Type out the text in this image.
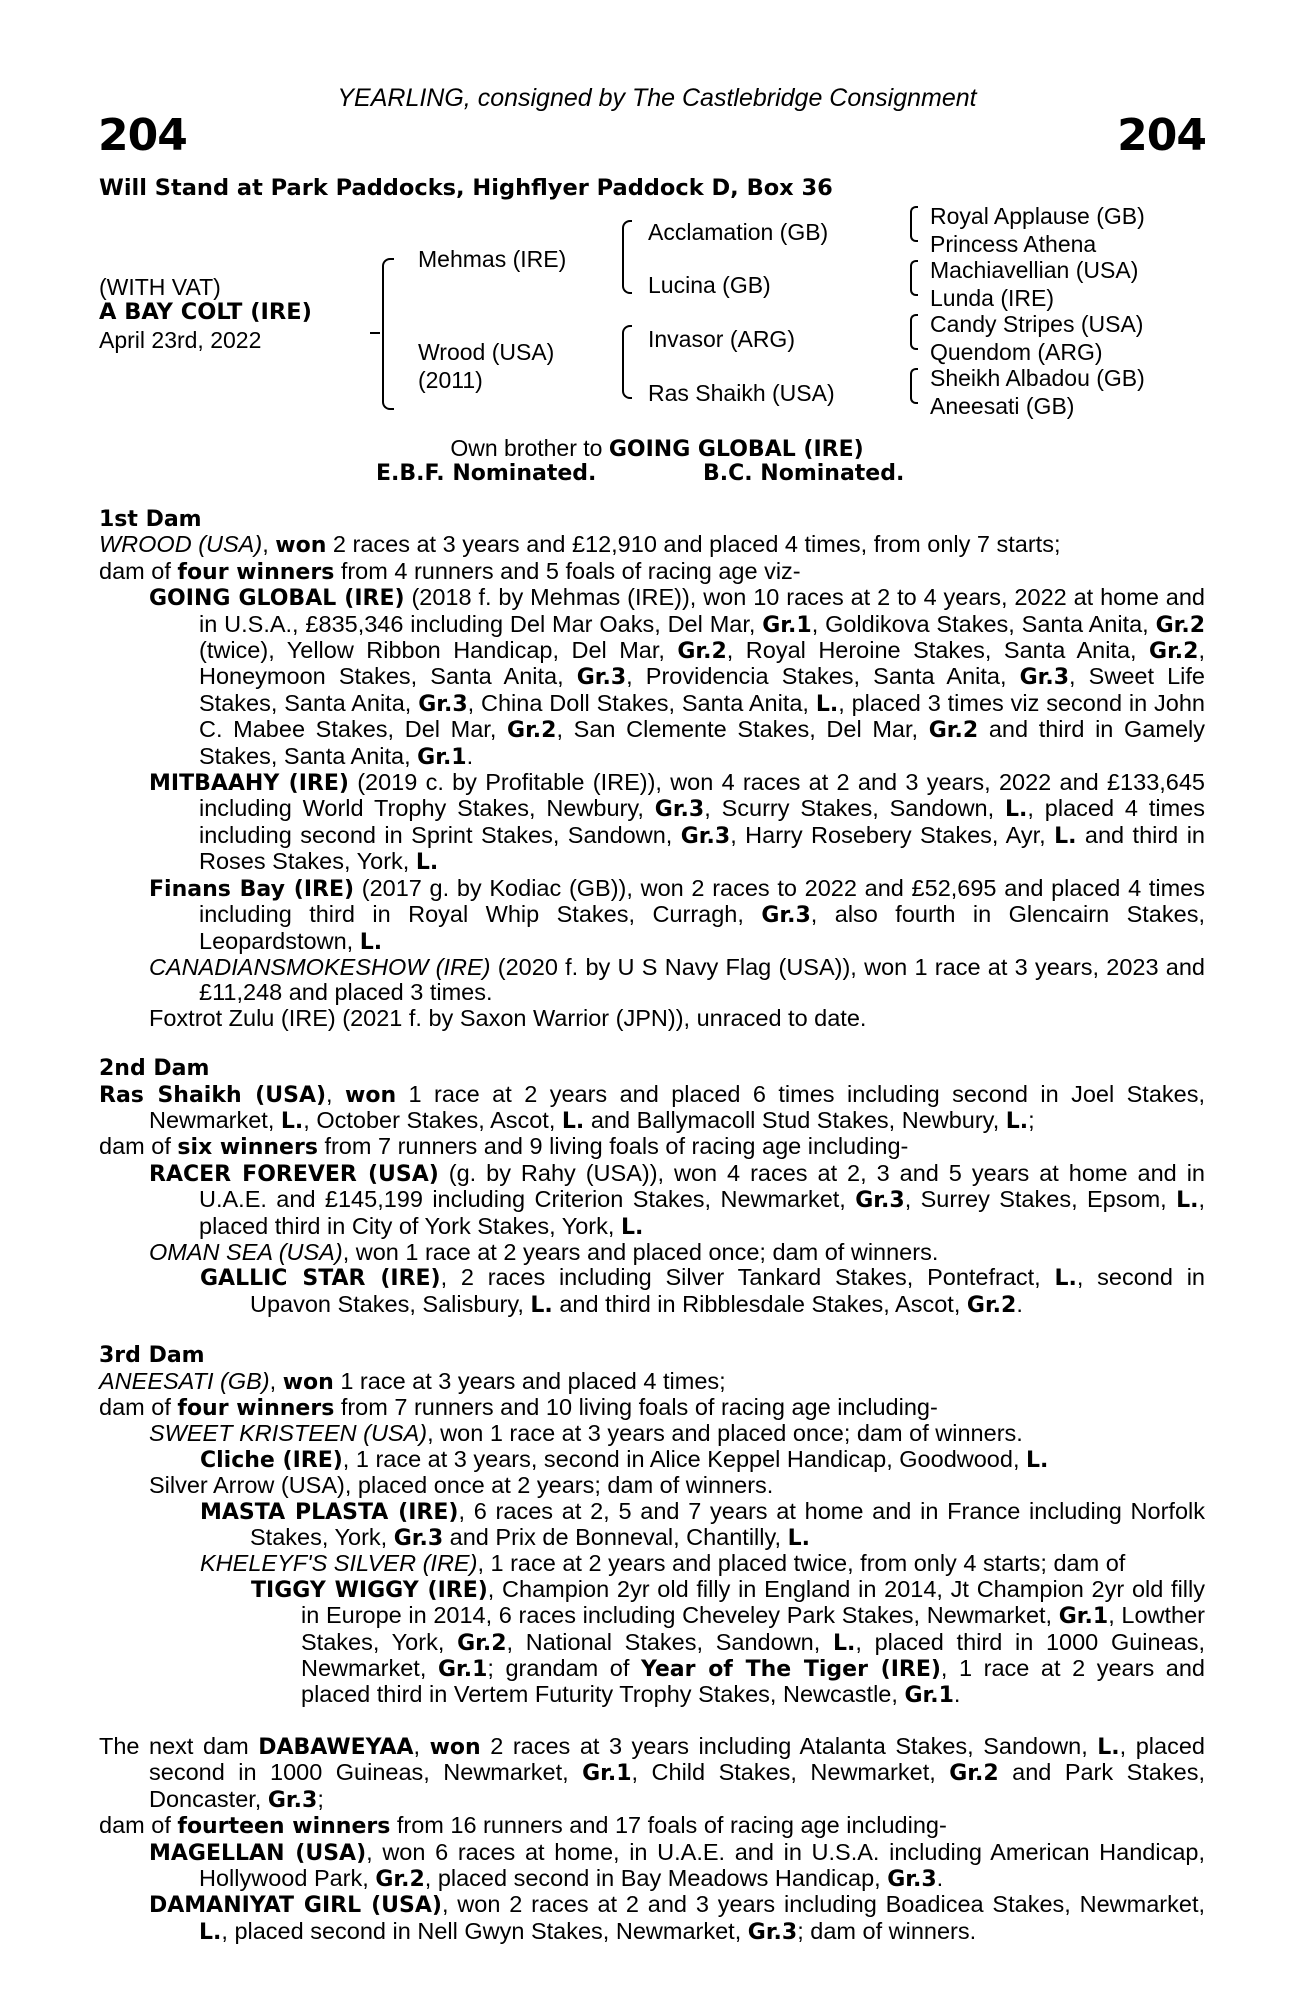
YEARLING, consigned by The Castlebridge Consignment
204	204
Will Stand at Park Paddocks, Highflyer Paddock D, Box 36
(WITH VAT)
A BAY COLT (IRE)
April 23rd, 2022
Mehmas (IRE)
Wrood (USA)
(2011)
Acclamation (GB)
Lucina (GB)
Invasor (ARG)
Ras Shaikh (USA)
Royal Applause (GB)
Princess Athena
Machiavellian (USA)
Lunda (IRE)
Candy Stripes (USA)
Quendom (ARG)
Sheikh Albadou (GB)
Aneesati (GB)
Own brother to GOING GLOBAL (IRE)
E.B.F. Nominated.	B.C. Nominated.
1st Dam
WROOD (USA), won 2 races at 3 years and £12,910 and placed 4 times, from only 7 starts;
dam of four winners from 4 runners and 5 foals of racing age viz-
GOING GLOBAL (IRE) (2018 f. by Mehmas (IRE)), won 10 races at 2 to 4 years, 2022 at home and in U.S.A., £835,346 including Del Mar Oaks, Del Mar, Gr.1, Goldikova Stakes, Santa Anita, Gr.2 (twice), Yellow Ribbon Handicap, Del Mar, Gr.2, Royal Heroine Stakes, Santa Anita, Gr.2, Honeymoon Stakes, Santa Anita, Gr.3, Providencia Stakes, Santa Anita, Gr.3, Sweet Life Stakes, Santa Anita, Gr.3, China Doll Stakes, Santa Anita, L., placed 3 times viz second in John C. Mabee Stakes, Del Mar, Gr.2, San Clemente Stakes, Del Mar, Gr.2 and third in Gamely Stakes, Santa Anita, Gr.1.
MITBAAHY (IRE) (2019 c. by Profitable (IRE)), won 4 races at 2 and 3 years, 2022 and £133,645 including World Trophy Stakes, Newbury, Gr.3, Scurry Stakes, Sandown, L., placed 4 times including second in Sprint Stakes, Sandown, Gr.3, Harry Rosebery Stakes, Ayr, L. and third in Roses Stakes, York, L.
Finans Bay (IRE) (2017 g. by Kodiac (GB)), won 2 races to 2022 and £52,695 and placed 4 times including third in Royal Whip Stakes, Curragh, Gr.3, also fourth in Glencairn Stakes, Leopardstown, L.
CANADIANSMOKESHOW (IRE) (2020 f. by U S Navy Flag (USA)), won 1 race at 3 years, 2023 and £11,248 and placed 3 times.
Foxtrot Zulu (IRE) (2021 f. by Saxon Warrior (JPN)), unraced to date.
2nd Dam
Ras Shaikh (USA), won 1 race at 2 years and placed 6 times including second in Joel Stakes, Newmarket, L., October Stakes, Ascot, L. and Ballymacoll Stud Stakes, Newbury, L.;
dam of six winners from 7 runners and 9 living foals of racing age including-
RACER FOREVER (USA) (g. by Rahy (USA)), won 4 races at 2, 3 and 5 years at home and in U.A.E. and £145,199 including Criterion Stakes, Newmarket, Gr.3, Surrey Stakes, Epsom, L., placed third in City of York Stakes, York, L.
OMAN SEA (USA), won 1 race at 2 years and placed once; dam of winners.
GALLIC STAR (IRE), 2 races including Silver Tankard Stakes, Pontefract, L., second in Upavon Stakes, Salisbury, L. and third in Ribblesdale Stakes, Ascot, Gr.2.
3rd Dam
ANEESATI (GB), won 1 race at 3 years and placed 4 times;
dam of four winners from 7 runners and 10 living foals of racing age including-
SWEET KRISTEEN (USA), won 1 race at 3 years and placed once; dam of winners.
Cliche (IRE), 1 race at 3 years, second in Alice Keppel Handicap, Goodwood, L.
Silver Arrow (USA), placed once at 2 years; dam of winners.
MASTA PLASTA (IRE), 6 races at 2, 5 and 7 years at home and in France including Norfolk Stakes, York, Gr.3 and Prix de Bonneval, Chantilly, L.
KHELEYF'S SILVER (IRE), 1 race at 2 years and placed twice, from only 4 starts; dam of
TIGGY WIGGY (IRE), Champion 2yr old filly in England in 2014, Jt Champion 2yr old filly in Europe in 2014, 6 races including Cheveley Park Stakes, Newmarket, Gr.1, Lowther Stakes, York, Gr.2, National Stakes, Sandown, L., placed third in 1000 Guineas, Newmarket, Gr.1; grandam of Year of The Tiger (IRE), 1 race at 2 years and placed third in Vertem Futurity Trophy Stakes, Newcastle, Gr.1.
The next dam DABAWEYAA, won 2 races at 3 years including Atalanta Stakes, Sandown, L., placed second in 1000 Guineas, Newmarket, Gr.1, Child Stakes, Newmarket, Gr.2 and Park Stakes, Doncaster, Gr.3;
dam of fourteen winners from 16 runners and 17 foals of racing age including-
MAGELLAN (USA), won 6 races at home, in U.A.E. and in U.S.A. including American Handicap, Hollywood Park, Gr.2, placed second in Bay Meadows Handicap, Gr.3.
DAMANIYAT GIRL (USA), won 2 races at 2 and 3 years including Boadicea Stakes, Newmarket, L., placed second in Nell Gwyn Stakes, Newmarket, Gr.3; dam of winners.
